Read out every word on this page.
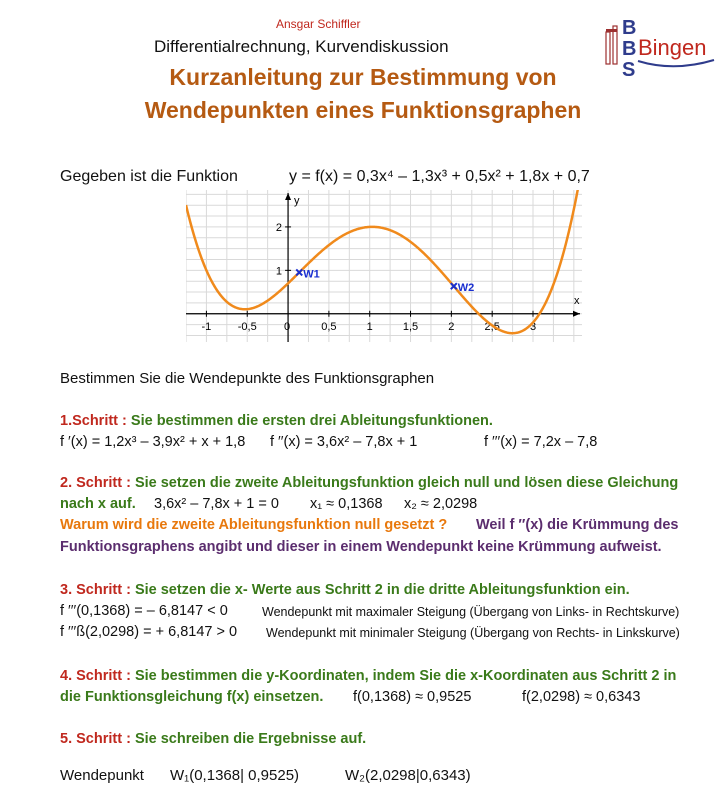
Ansgar Schiffler
Differentialrechnung, Kurvendiskussion
Kurzanleitung zur Bestimmung von
Wendepunkten eines Funktionsgraphen
B
B
S
Bingen
Gegeben ist die Funktion	y = f(x) = 0,3x⁴ – 1,3x³ + 0,5x² + 1,8x + 0,7
-1 -0,5 0	0,5	1	1,5	2	2,5	3
1
2
x
y
W1
W2
Bestimmen Sie die Wendepunkte des Funktionsgraphen
1.Schritt : Sie bestimmen die ersten drei Ableitungsfunktionen.
f ′(x) = 1,2x³ – 3,9x² + x + 1,8 f ′′(x) = 3,6x² – 7,8x + 1	f ′′′(x) = 7,2x – 7,8
2. Schritt : Sie setzen die zweite Ableitungsfunktion gleich null und lösen diese Gleichung
nach x auf. 3,6x² – 7,8x + 1 = 0 x₁ ≈ 0,1368 x₂ ≈ 2,0298
Warum wird die zweite Ableitungsfunktion null gesetzt ? Weil f ′′(x) die Krümmung des
Funktionsgraphens angibt und dieser in einem Wendepunkt keine Krümmung aufweist.
3. Schritt : Sie setzen die x- Werte aus Schritt 2 in die dritte Ableitungsfunktion ein.
f ′′′(0,1368) = – 6,8147 < 0	Wendepunkt mit maximaler Steigung (Übergang von Links- in Rechtskurve)
f ′′′ß(2,0298) = + 6,8147 > 0 Wendepunkt mit minimaler Steigung (Übergang von Rechts- in Linkskurve)
4. Schritt : Sie bestimmen die y-Koordinaten, indem Sie die x-Koordinaten aus Schritt 2 in
die Funktionsgleichung f(x) einsetzen. f(0,1368) ≈ 0,9525	f(2,0298) ≈ 0,6343
5. Schritt : Sie schreiben die Ergebnisse auf.
Wendepunkt W₁(0,1368| 0,9525)	W₂(2,0298|0,6343)
